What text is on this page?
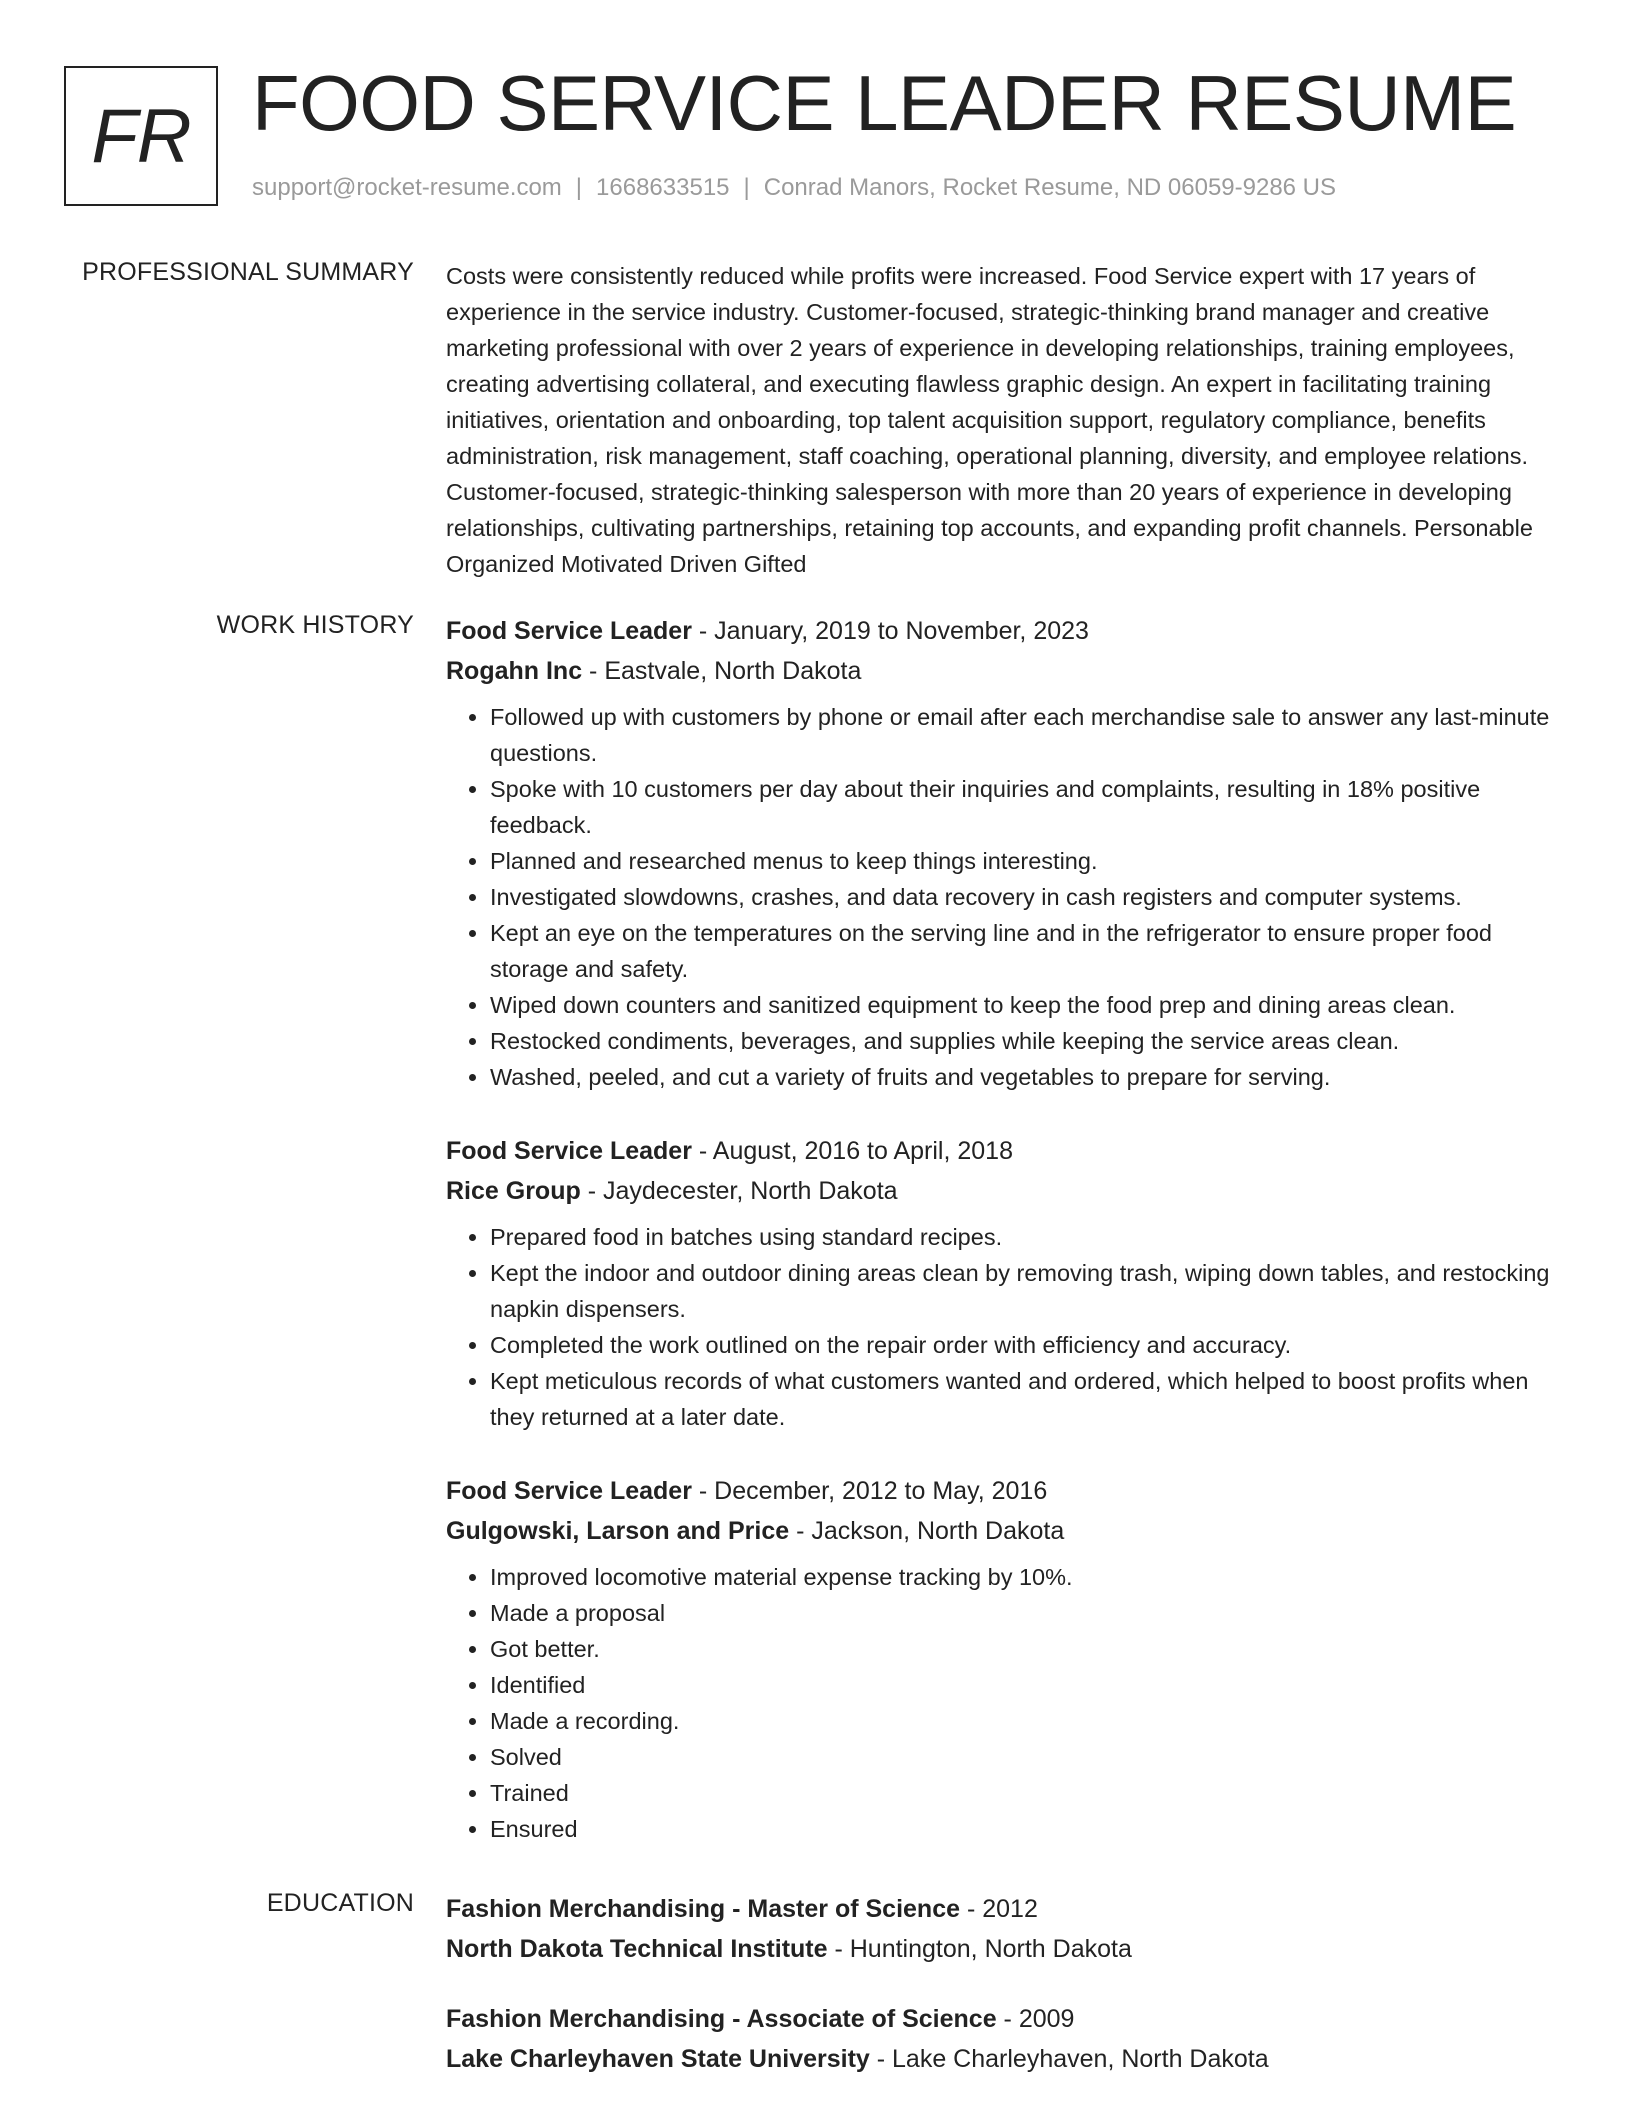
FR FOOD SERVICE LEADER RESUME
support@rocket-resume.com | 1668633515 | Conrad Manors, Rocket Resume, ND 06059-9286 US
PROFESSIONAL SUMMARY Costs were consistently reduced while profits were increased. Food Service expert with 17 years of experience in the service industry. Customer-focused, strategic-thinking brand manager and creative marketing professional with over 2 years of experience in developing relationships, training employees, creating advertising collateral, and executing flawless graphic design. An expert in facilitating training initiatives, orientation and onboarding, top talent acquisition support, regulatory compliance, benefits administration, risk management, staff coaching, operational planning, diversity, and employee relations. Customer-focused, strategic-thinking salesperson with more than 20 years of experience in developing relationships, cultivating partnerships, retaining top accounts, and expanding profit channels. Personable Organized Motivated Driven Gifted

WORK HISTORY Food Service Leader - January, 2019 to November, 2023
Rogahn Inc - Eastvale, North Dakota
• Followed up with customers by phone or email after each merchandise sale to answer any last-minute questions.
• Spoke with 10 customers per day about their inquiries and complaints, resulting in 18% positive feedback.
• Planned and researched menus to keep things interesting.
• Investigated slowdowns, crashes, and data recovery in cash registers and computer systems.
• Kept an eye on the temperatures on the serving line and in the refrigerator to ensure proper food storage and safety.
• Wiped down counters and sanitized equipment to keep the food prep and dining areas clean.
• Restocked condiments, beverages, and supplies while keeping the service areas clean.
• Washed, peeled, and cut a variety of fruits and vegetables to prepare for serving.
Food Service Leader - August, 2016 to April, 2018
Rice Group - Jaydecester, North Dakota
• Prepared food in batches using standard recipes.
• Kept the indoor and outdoor dining areas clean by removing trash, wiping down tables, and restocking napkin dispensers.
• Completed the work outlined on the repair order with efficiency and accuracy.
• Kept meticulous records of what customers wanted and ordered, which helped to boost profits when they returned at a later date.
Food Service Leader - December, 2012 to May, 2016
Gulgowski, Larson and Price - Jackson, North Dakota
• Improved locomotive material expense tracking by 10%.
• Made a proposal
• Got better.
• Identified
• Made a recording.
• Solved
• Trained
• Ensured
EDUCATION Fashion Merchandising - Master of Science - 2012
North Dakota Technical Institute - Huntington, North Dakota
Fashion Merchandising - Associate of Science - 2009
Lake Charleyhaven State University - Lake Charleyhaven, North Dakota
